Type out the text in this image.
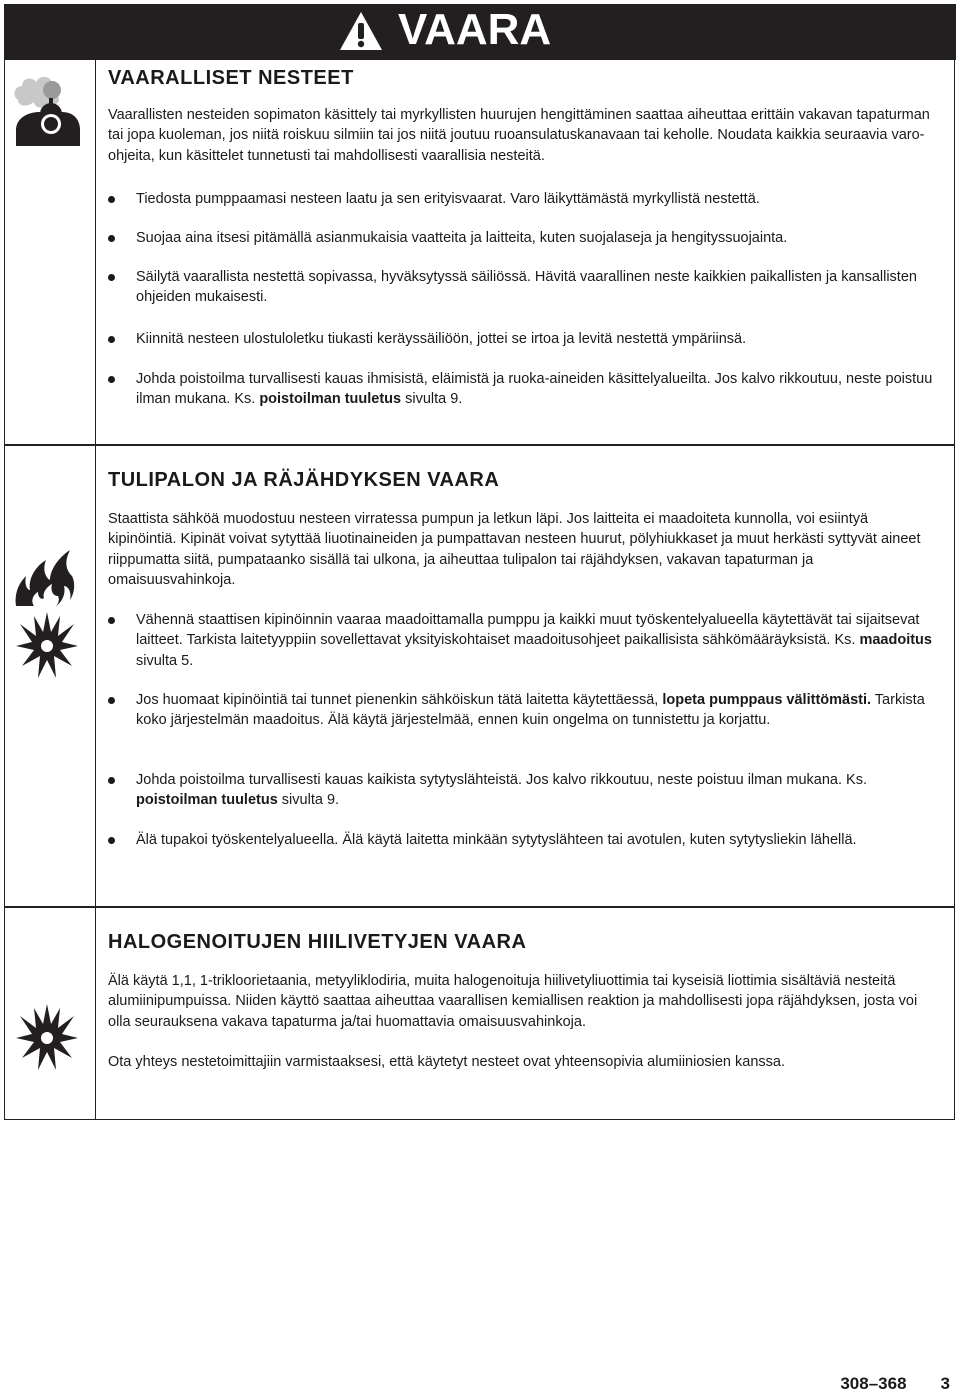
VAARA
VAARALLISET NESTEET

Vaarallisten nesteiden sopimaton käsittely tai myrkyllisten huurujen hengittäminen saattaa aiheuttaa erittäin vakavan tapaturman tai jopa kuoleman, jos niitä roiskuu silmiin tai jos niitä joutuu ruoansulatuskanavaan tai keholle. Noudata kaikkia seuraavia varo-ohjeita, kun käsittelet tunnetusti tai mahdollisesti vaarallisia nesteitä.

Tiedosta pumppaamasi nesteen laatu ja sen erityisvaarat. Varo läikyttämästä myrkyllistä nestettä.
Suojaa aina itsesi pitämällä asianmukaisia vaatteita ja laitteita, kuten suojalaseja ja hengityssuojainta.
Säilytä vaarallista nestettä sopivassa, hyväksytyssä säiliössä. Hävitä vaarallinen neste kaikkien paikallisten ja kansallisten ohjeiden mukaisesti.
Kiinnitä nesteen ulostuloletku tiukasti keräyssäiliöön, jottei se irtoa ja levitä nestettä ympäriinsä.
Johda poistoilma turvallisesti kauas ihmisistä, eläimistä ja ruoka-aineiden käsittelyalueilta. Jos kalvo rikkoutuu, neste poistuu ilman mukana. Ks. poistoilman tuuletus sivulta 9.
TULIPALON JA RÄJÄHDYKSEN VAARA

Staattista sähköä muodostuu nesteen virratessa pumpun ja letkun läpi. Jos laitteita ei maadoiteta kunnolla, voi esiintyä kipinöintiä. Kipinät voivat sytyttää liuotinaineiden ja pumpattavan nesteen huurut, pölyhiukkaset ja muut herkästi syttyvät aineet riippumatta siitä, pumpataanko sisällä tai ulkona, ja aiheuttaa tulipalon tai räjähdyksen, vakavan tapaturman ja omaisuusvahinkoja.

Vähennä staattisen kipinöinnin vaaraa maadoittamalla pumppu ja kaikki muut työskentelyalueella käytettävät tai sijaitsevat laitteet. Tarkista laitetyyppiin sovellettavat yksityiskohtaiset maadoitusohjeet paikallisista sähkömääräyksistä. Ks. maadoitus sivulta 5.
Jos huomaat kipinöintiä tai tunnet pienenkin sähköiskun tätä laitetta käytettäessä, lopeta pumppaus välittömästi. Tarkista koko järjestelmän maadoitus. Älä käytä järjestelmää, ennen kuin ongelma on tunnistettu ja korjattu.
Johda poistoilma turvallisesti kauas kaikista sytytyslähteistä. Jos kalvo rikkoutuu, neste poistuu ilman mukana. Ks. poistoilman tuuletus sivulta 9.
Älä tupakoi työskentelyalueella. Älä käytä laitetta minkään sytytyslähteen tai avotulen, kuten sytytysliekin lähellä.
HALOGENOITUJEN HIILIVETYJEN VAARA

Älä käytä 1,1, 1-trikloorietaania, metyyliklodiria, muita halogenoituja hiilivetyliuottimia tai kyseisiä liottimia sisältäviä nesteitä alumiinipumpuissa. Niiden käyttö saattaa aiheuttaa vaarallisen kemiallisen reaktion ja mahdollisesti jopa räjähdyksen, josta voi olla seurauksena vakava tapaturma ja/tai huomattavia omaisuusvahinkoja.

Ota yhteys nestetoimittajiin varmistaaksesi, että käytetyt nesteet ovat yhteensopivia alumiiniosien kanssa.

308–368 3
